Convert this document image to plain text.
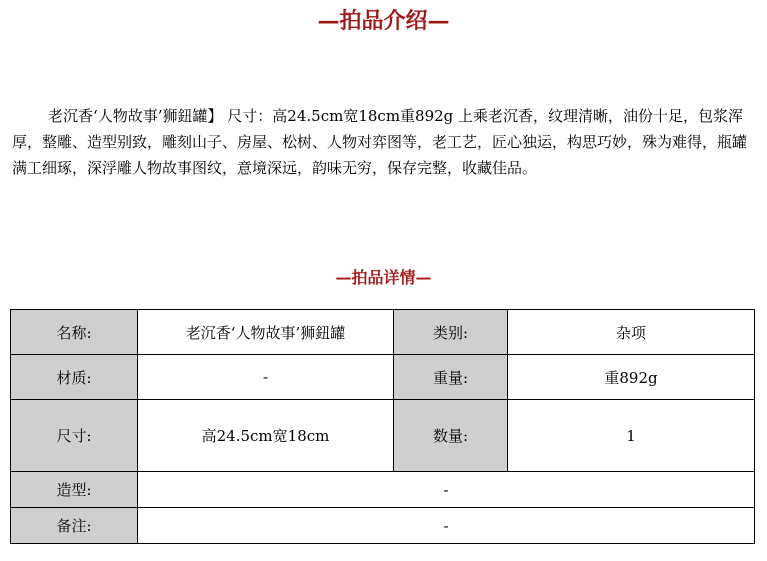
—拍品介绍—
老沉香‘人物故事’狮鈕罐】 尺寸：高24.5cm宽18cm重892g 上乘老沉香，纹理清晰，油份十足，包浆浑厚，整雕、造型别致，雕刻山子、房屋、松树、人物对弈图等，老工艺，匠心独运，构思巧妙，殊为难得，瓶罐满工细琢，深浮雕人物故事图纹，意境深远，韵味无穷，保存完整，收藏佳品。
—拍品详情—
名称:	老沉香‘人物故事’狮鈕罐	类别:	杂项
材质:	-	重量:	重892g
尺寸:	高24.5cm宽18cm	数量:	1
造型:	-		
备注:	-		
